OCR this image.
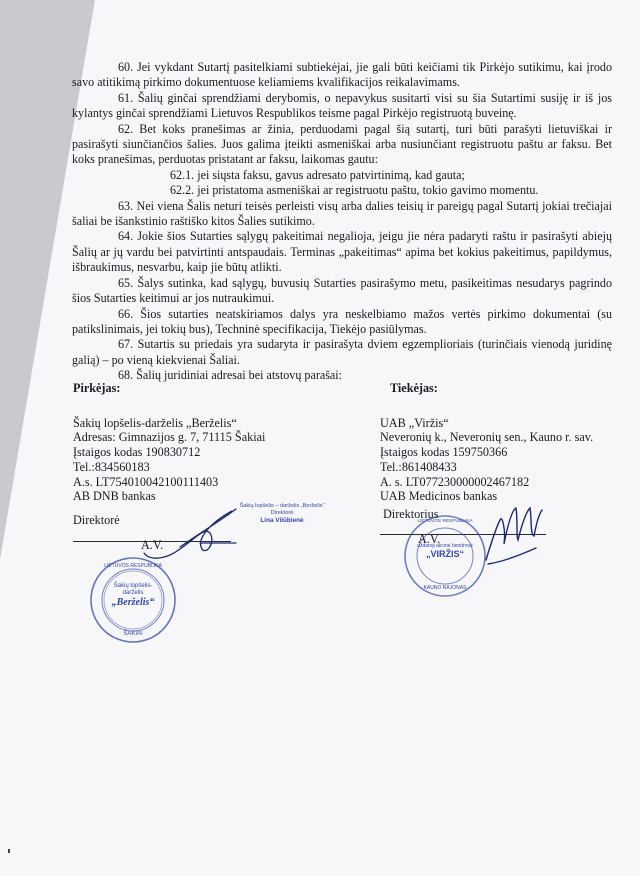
60. Jei vykdant Sutartį pasitelkiami subtiekėjai, jie gali būti keičiami tik Pirkėjo sutikimu, kai įrodo savo atitikimą pirkimo dokumentuose keliamiems kvalifikacijos reikalavimams.

61. Šalių ginčai sprendžiami derybomis, o nepavykus susitarti visi su šia Sutartimi susiję ir iš jos kylantys ginčai sprendžiami Lietuvos Respublikos teisme pagal Pirkėjo registruotą buveinę.

62. Bet koks pranešimas ar žinia, perduodami pagal šią sutartį, turi būti parašyti lietuviškai ir pasirašyti siunčiančios šalies. Juos galima įteikti asmeniškai arba nusiunčiant registruotu paštu ar faksu. Bet koks pranešimas, perduotas pristatant ar faksu, laikomas gautu:

62.1. jei siųsta faksu, gavus adresato patvirtinimą, kad gauta;

62.2. jei pristatoma asmeniškai ar registruotu paštu, tokio gavimo momentu.

63. Nei viena Šalis neturi teisės perleisti visų arba dalies teisių ir pareigų pagal Sutartį jokiai trečiajai šaliai be išankstinio raštiško kitos Šalies sutikimo.

64. Jokie šios Sutarties sąlygų pakeitimai negalioja, jeigu jie nėra padaryti raštu ir pasirašyti abiejų Šalių ar jų vardu bei patvirtinti antspaudais. Terminas „pakeitimas“ apima bet kokius pakeitimus, papildymus, išbraukimus, nesvarbu, kaip jie būtų atlikti.

65. Šalys sutinka, kad sąlygų, buvusių Sutarties pasirašymo metu, pasikeitimas nesudarys pagrindo šios Sutarties keitimui ar jos nutraukimui.

66. Šios sutarties neatskiriamos dalys yra neskelbiamo mažos vertės pirkimo dokumentai (su patikslinimais, jei tokių bus), Techninė specifikacija, Tiekėjo pasiūlymas.

67. Sutartis su priedais yra sudaryta ir pasirašyta dviem egzemplioriais (turinčiais vienodą juridinę galią) – po vieną kiekvienai Šaliai.

68. Šalių juridiniai adresai bei atstovų parašai:

Pirkėjas:
Šakių lopšelis-darželis „Berželis“
Adresas: Gimnazijos g. 7, 71115 Šakiai
Įstaigos kodas 190830712
Tel.:834560183
A.s. LT754010042100111403
AB DNB bankas
Direktorė
A.V.
Šakių lopšelis – darželis „Berželis“
Direktorė
Lina Vilūbienė
LIETUVOS RESPUBLIKA
Šakių lopšelis-
darželis
„Berželis“
ŠAKIAI
Tiekėjas:
UAB „Viržis“
Neveronių k., Neveronių sen., Kauno r. sav.
Įstaigos kodas 159750366
Tel.:861408433
A. s. LT077230000002467182
UAB Medicinos bankas
Direktorius
A.V.
LIETUVOS RESPUBLIKA
uždaroji akcinė bendrovė
„VIRŽIS“
KAUNO RAJONAS
